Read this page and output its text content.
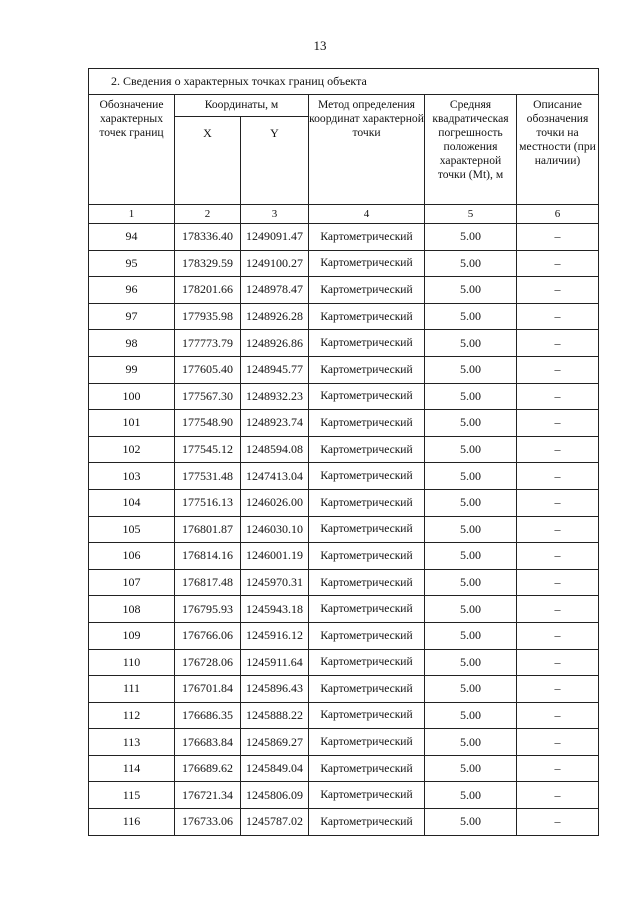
13
2. Сведения о характерных точках границ объекта					
Обозначение характерных точек границ	Координаты, м		Метод определения координат характерной точки	Средняя квадратическая погрешность положения характерной точки (Mt), м	Описание обозначения точки на местности (при наличии)
	X	Y			
1	2	3	4	5	6
94	178336.40	1249091.47	Картометрический	5.00	–
95	178329.59	1249100.27	Картометрический	5.00	–
96	178201.66	1248978.47	Картометрический	5.00	–
97	177935.98	1248926.28	Картометрический	5.00	–
98	177773.79	1248926.86	Картометрический	5.00	–
99	177605.40	1248945.77	Картометрический	5.00	–
100	177567.30	1248932.23	Картометрический	5.00	–
101	177548.90	1248923.74	Картометрический	5.00	–
102	177545.12	1248594.08	Картометрический	5.00	–
103	177531.48	1247413.04	Картометрический	5.00	–
104	177516.13	1246026.00	Картометрический	5.00	–
105	176801.87	1246030.10	Картометрический	5.00	–
106	176814.16	1246001.19	Картометрический	5.00	–
107	176817.48	1245970.31	Картометрический	5.00	–
108	176795.93	1245943.18	Картометрический	5.00	–
109	176766.06	1245916.12	Картометрический	5.00	–
110	176728.06	1245911.64	Картометрический	5.00	–
111	176701.84	1245896.43	Картометрический	5.00	–
112	176686.35	1245888.22	Картометрический	5.00	–
113	176683.84	1245869.27	Картометрический	5.00	–
114	176689.62	1245849.04	Картометрический	5.00	–
115	176721.34	1245806.09	Картометрический	5.00	–
116	176733.06	1245787.02	Картометрический	5.00	–
